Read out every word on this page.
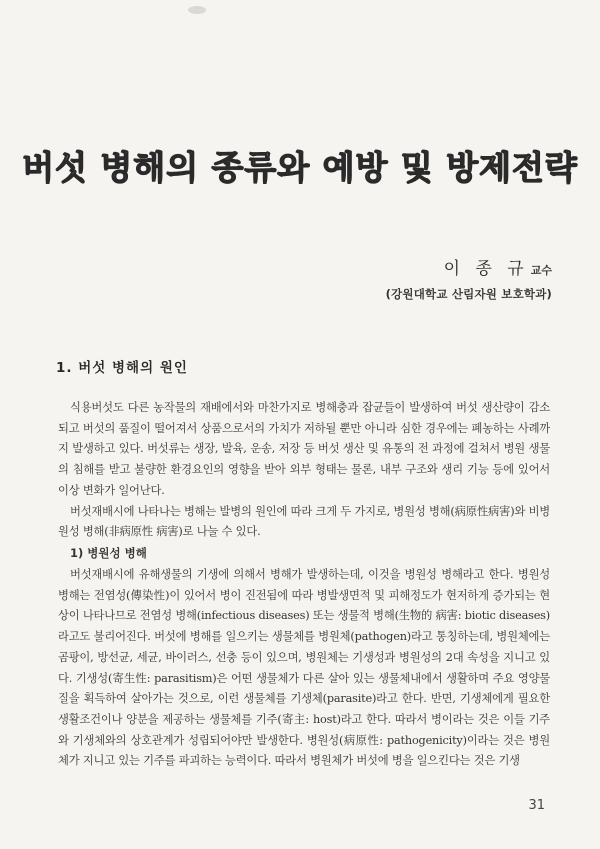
버섯 병해의 종류와 예방 및 방제전략

이 종 규 교수

(강원대학교 산림자원 보호학과)

1. 버섯 병해의 원인

식용버섯도 다른 농작물의 재배에서와 마찬가지로 병해충과 잡균들이 발생하여 버섯 생산량이 감소되고 버섯의 품질이 떨어져서 상품으로서의 가치가 저하될 뿐만 아니라 심한 경우에는 폐농하는 사례까지 발생하고 있다. 버섯류는 생장, 발육, 운송, 저장 등 버섯 생산 및 유통의 전 과정에 걸쳐서 병원 생물의 침해를 받고 불량한 환경요인의 영향을 받아 외부 형태는 물론, 내부 구조와 생리 기능 등에 있어서 이상 변화가 일어난다.

버섯재배시에 나타나는 병해는 발병의 원인에 따라 크게 두 가지로, 병원성 병해(病原性病害)와 비병원성 병해(非病原性 病害)로 나눌 수 있다.

1) 병원성 병해

버섯재배시에 유해생물의 기생에 의해서 병해가 발생하는데, 이것을 병원성 병해라고 한다. 병원성 병해는 전염성(傳染性)이 있어서 병이 진전됨에 따라 병발생면적 및 피해정도가 현저하게 증가되는 현상이 나타나므로 전염성 병해(infectious diseases) 또는 생물적 병해(生物的 病害: biotic diseases)라고도 불리어진다. 버섯에 병해를 일으키는 생물체를 병원체(pathogen)라고 통칭하는데, 병원체에는 곰팡이, 방선균, 세균, 바이러스, 선충 등이 있으며, 병원체는 기생성과 병원성의 2대 속성을 지니고 있다. 기생성(寄生性: parasitism)은 어떤 생물체가 다른 살아 있는 생물체내에서 생활하며 주요 영양물질을 획득하여 살아가는 것으로, 이런 생물체를 기생체(parasite)라고 한다. 반면, 기생체에게 필요한 생활조건이나 양분을 제공하는 생물체를 기주(寄主: host)라고 한다. 따라서 병이라는 것은 이들 기주와 기생체와의 상호관계가 성립되어야만 발생한다. 병원성(病原性: pathogenicity)이라는 것은 병원체가 지니고 있는 기주를 파괴하는 능력이다. 따라서 병원체가 버섯에 병을 일으킨다는 것은 기생

31
